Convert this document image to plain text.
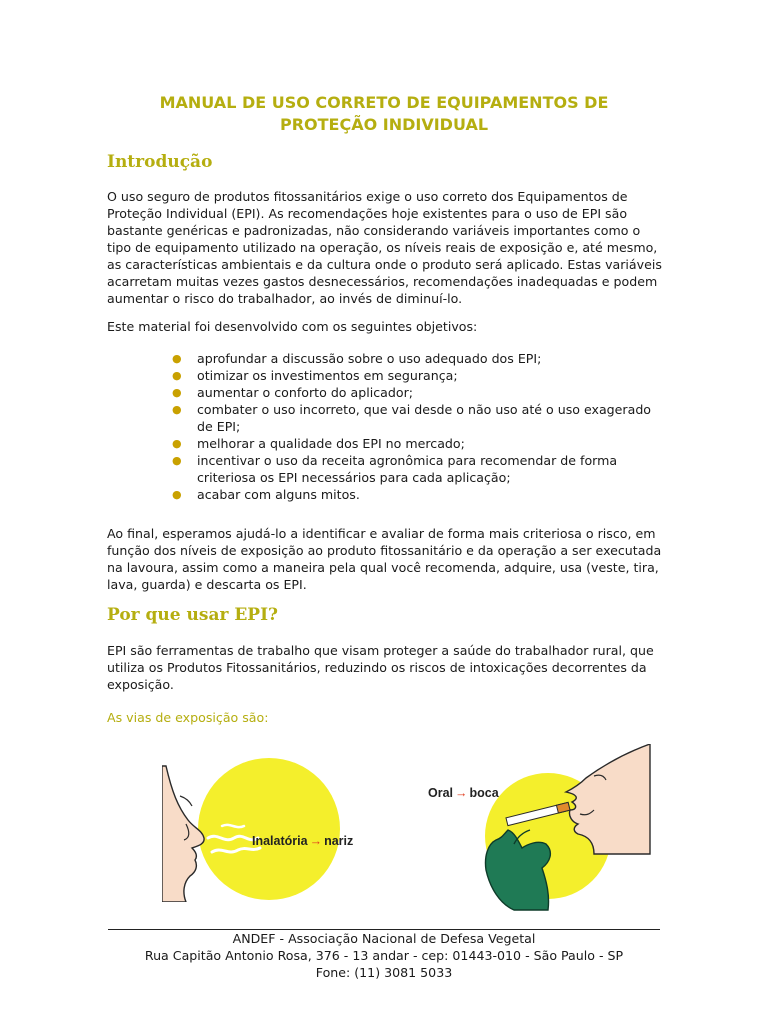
MANUAL DE USO CORRETO DE EQUIPAMENTOS DE
PROTEÇÃO INDIVIDUAL
Introdução

O uso seguro de produtos fitossanitários exige o uso correto dos Equipamentos de Proteção Individual (EPI). As recomendações hoje existentes para o uso de EPI são bastante genéricas e padronizadas, não considerando variáveis importantes como o tipo de equipamento utilizado na operação, os níveis reais de exposição e, até mesmo, as características ambientais e da cultura onde o produto será aplicado. Estas variáveis acarretam muitas vezes gastos desnecessários, recomendações inadequadas e podem aumentar o risco do trabalhador, ao invés de diminuí-lo.

Este material foi desenvolvido com os seguintes objetivos:

● aprofundar a discussão sobre o uso adequado dos EPI;
● otimizar os investimentos em segurança;
● aumentar o conforto do aplicador;
● combater o uso incorreto, que vai desde o não uso até o uso exagerado de EPI;
● melhorar a qualidade dos EPI no mercado;
● incentivar o uso da receita agronômica para recomendar de forma criteriosa os EPI necessários para cada aplicação;
● acabar com alguns mitos.

Ao final, esperamos ajudá-lo a identificar e avaliar de forma mais criteriosa o risco, em função dos níveis de exposição ao produto fitossanitário e da operação a ser executada na lavoura, assim como a maneira pela qual você recomenda, adquire, usa (veste, tira, lava, guarda) e descarta os EPI.

Por que usar EPI?

EPI são ferramentas de trabalho que visam proteger a saúde do trabalhador rural, que utiliza os Produtos Fitossanitários, reduzindo os riscos de intoxicações decorrentes da exposição.

As vias de exposição são:

Inalatória → nariz
Oral → boca
ANDEF - Associação Nacional de Defesa Vegetal
Rua Capitão Antonio Rosa, 376 - 13 andar - cep: 01443-010 - São Paulo - SP
Fone: (11) 3081 5033
